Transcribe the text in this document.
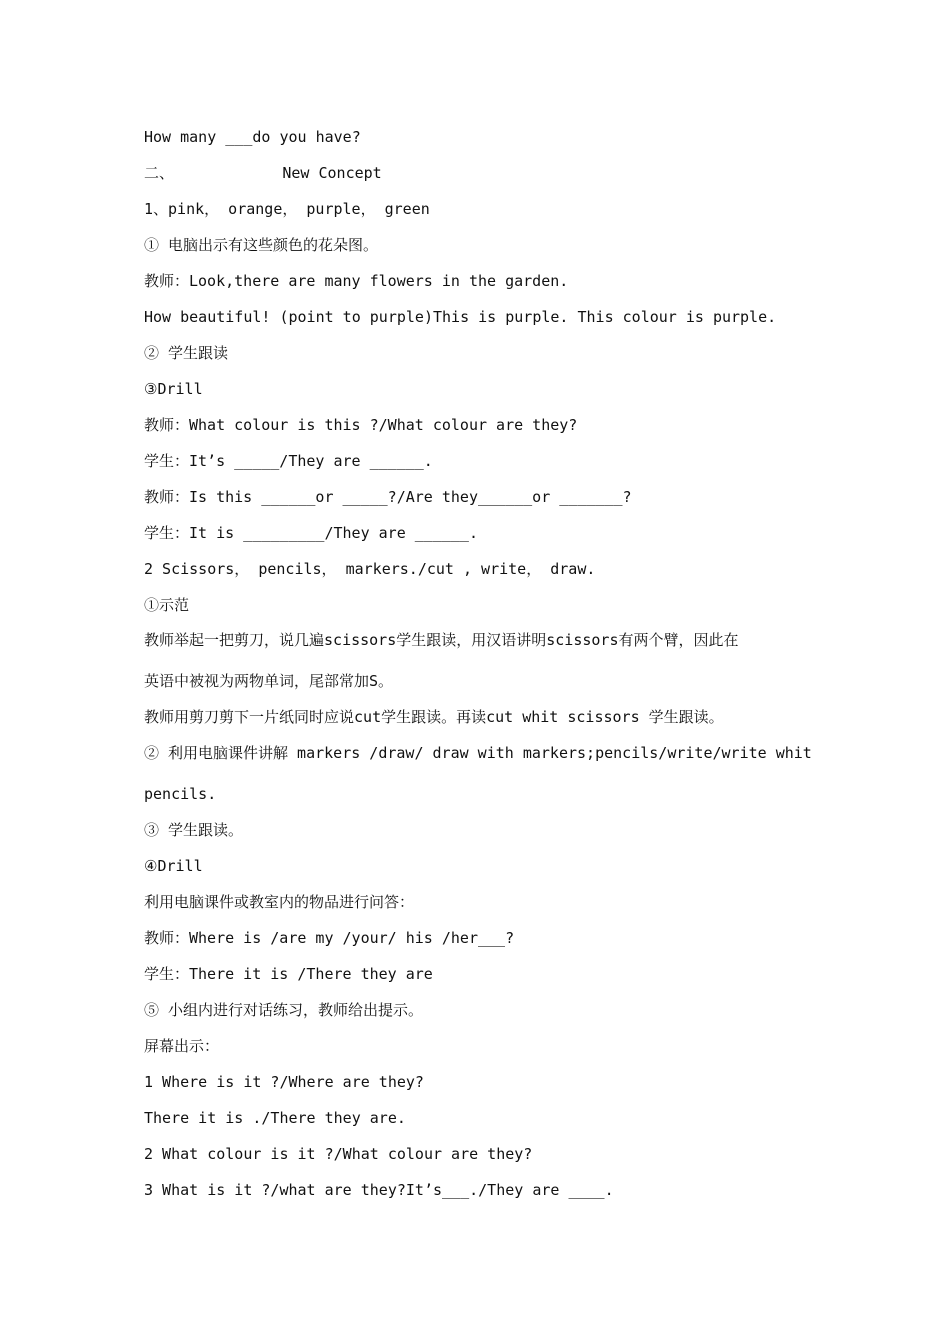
How many ___do you have?
二、            New Concept
1、pink， orange， purple， green
① 电脑出示有这些颜色的花朵图。
教师：Look,there are many flowers in the garden.
How beautiful! (point to purple)This is purple. This colour is purple.
② 学生跟读
③Drill
教师：What colour is this ?/What colour are they?
学生：It’s _____/They are ______.
教师：Is this ______or _____?/Are they______or _______?
学生：It is _________/They are ______.
2 Scissors， pencils， markers./cut , write， draw.
①示范
教师举起一把剪刀，说几遍scissors学生跟读，用汉语讲明scissors有两个臂，因此在
英语中被视为两物单词，尾部常加S。
教师用剪刀剪下一片纸同时应说cut学生跟读。再读cut whit scissors 学生跟读。
② 利用电脑课件讲解 markers /draw/ draw with markers;pencils/write/write whit
pencils.
③ 学生跟读。
④Drill
利用电脑课件或教室内的物品进行问答：
教师：Where is /are my /your/ his /her___?
学生：There it is /There they are
⑤ 小组内进行对话练习，教师给出提示。
屏幕出示：
1 Where is it ?/Where are they?
There it is ./There they are.
2 What colour is it ?/What colour are they?
3 What is it ?/what are they?It’s___./They are ____.
